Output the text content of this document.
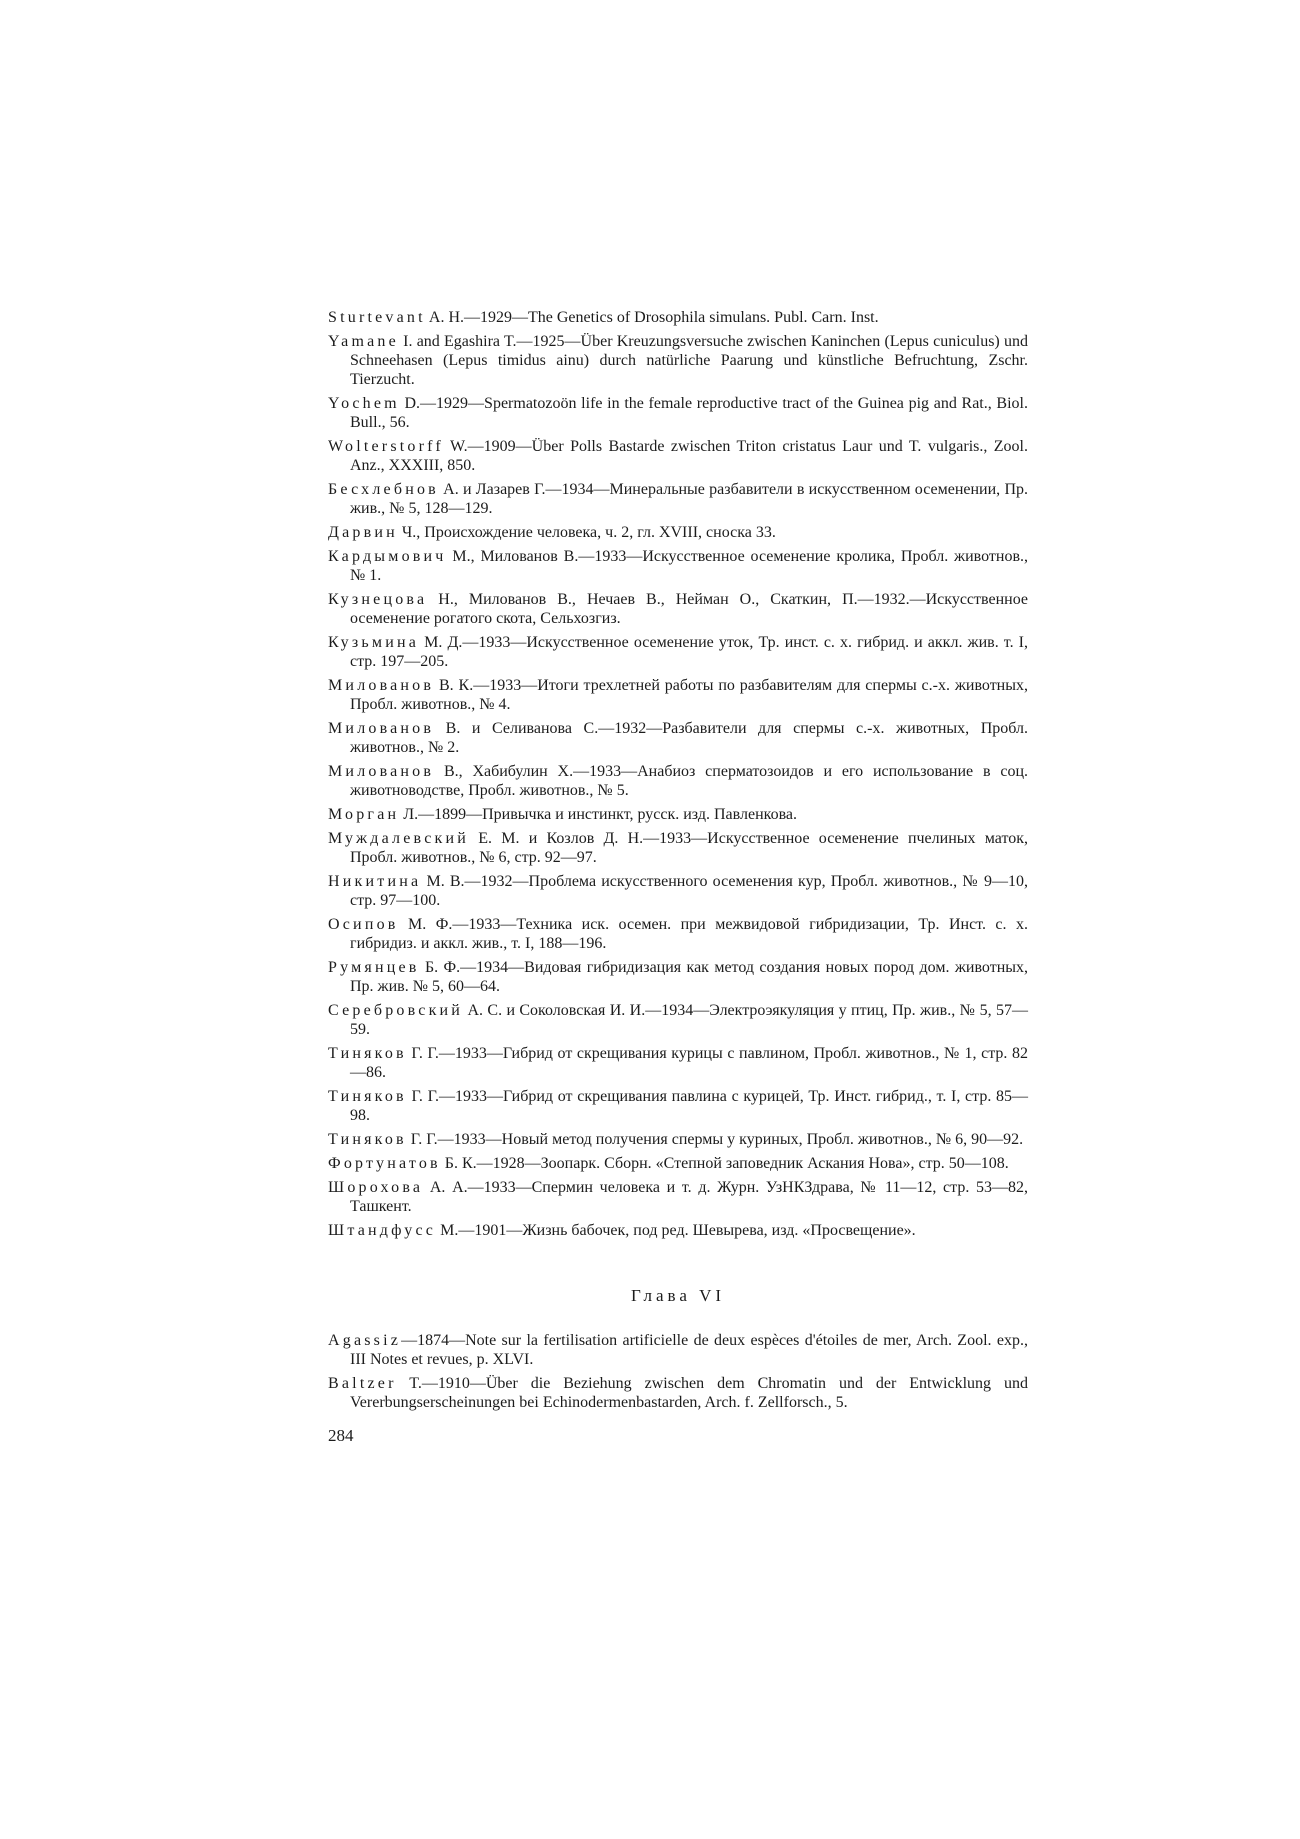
Sturtevant A. H.—1929—The Genetics of Drosophila simulans. Publ. Carn. Inst.

Yamane I. and Egashira T.—1925—Über Kreuzungsversuche zwischen Kaninchen (Lepus cuniculus) und Schneehasen (Lepus timidus ainu) durch natürliche Paarung und künstliche Befruchtung, Zschr. Tierzucht.

Yochem D.—1929—Spermatozoön life in the female reproductive tract of the Guinea pig and Rat., Biol. Bull., 56.

Wolterstorff W.—1909—Über Polls Bastarde zwischen Triton cristatus Laur und T. vulgaris., Zool. Anz., XXXIII, 850.

Бесхлебнов А. и Лазарев Г.—1934—Минеральные разбавители в искусственном осеменении, Пр. жив., № 5, 128—129.

Дарвин Ч., Происхождение человека, ч. 2, гл. XVIII, сноска 33.

Кардымович М., Милованов В.—1933—Искусственное осеменение кролика, Пробл. животнов., № 1.

Кузнецова Н., Милованов В., Нечаев В., Нейман О., Скаткин, П.—1932.—Искусственное осеменение рогатого скота, Сельхозгиз.

Кузьмина М. Д.—1933—Искусственное осеменение уток, Тр. инст. с. х. гибрид. и аккл. жив. т. I, стр. 197—205.

Милованов В. К.—1933—Итоги трехлетней работы по разбавителям для спермы с.-х. животных, Пробл. животнов., № 4.

Милованов В. и Селиванова С.—1932—Разбавители для спермы с.-х. животных, Пробл. животнов., № 2.

Милованов В., Хабибулин Х.—1933—Анабиоз сперматозоидов и его использование в соц. животноводстве, Пробл. животнов., № 5.

Морган Л.—1899—Привычка и инстинкт, русск. изд. Павленкова.

Муждалевский Е. М. и Козлов Д. Н.—1933—Искусственное осеменение пчелиных маток, Пробл. животнов., № 6, стр. 92—97.

Никитина М. В.—1932—Проблема искусственного осеменения кур, Пробл. животнов., № 9—10, стр. 97—100.

Осипов М. Ф.—1933—Техника иск. осемен. при межвидовой гибридизации, Тр. Инст. с. х. гибридиз. и аккл. жив., т. I, 188—196.

Румянцев Б. Ф.—1934—Видовая гибридизация как метод создания новых пород дом. животных, Пр. жив. № 5, 60—64.

Серебровский А. С. и Соколовская И. И.—1934—Электроэякуляция у птиц, Пр. жив., № 5, 57—59.

Тиняков Г. Г.—1933—Гибрид от скрещивания курицы с павлином, Пробл. животнов., № 1, стр. 82—86.

Тиняков Г. Г.—1933—Гибрид от скрещивания павлина с курицей, Тр. Инст. гибрид., т. I, стр. 85—98.

Тиняков Г. Г.—1933—Новый метод получения спермы у куриных, Пробл. животнов., № 6, 90—92.

Фортунатов Б. К.—1928—Зоопарк. Сборн. «Степной заповедник Аскания Нова», стр. 50—108.

Шорохова А. А.—1933—Спермин человека и т. д. Журн. УзНКЗдрава, № 11—12, стр. 53—82, Ташкент.

Штандфусс М.—1901—Жизнь бабочек, под ред. Шевырева, изд. «Просвещение».

Глава VI

Agassiz—1874—Note sur la fertilisation artificielle de deux espèces d'étoiles de mer, Arch. Zool. exp., III Notes et revues, p. XLVI.

Baltzer T.—1910—Über die Beziehung zwischen dem Chromatin und der Entwicklung und Vererbungserscheinungen bei Echinodermenbastarden, Arch. f. Zellforsch., 5.

284
